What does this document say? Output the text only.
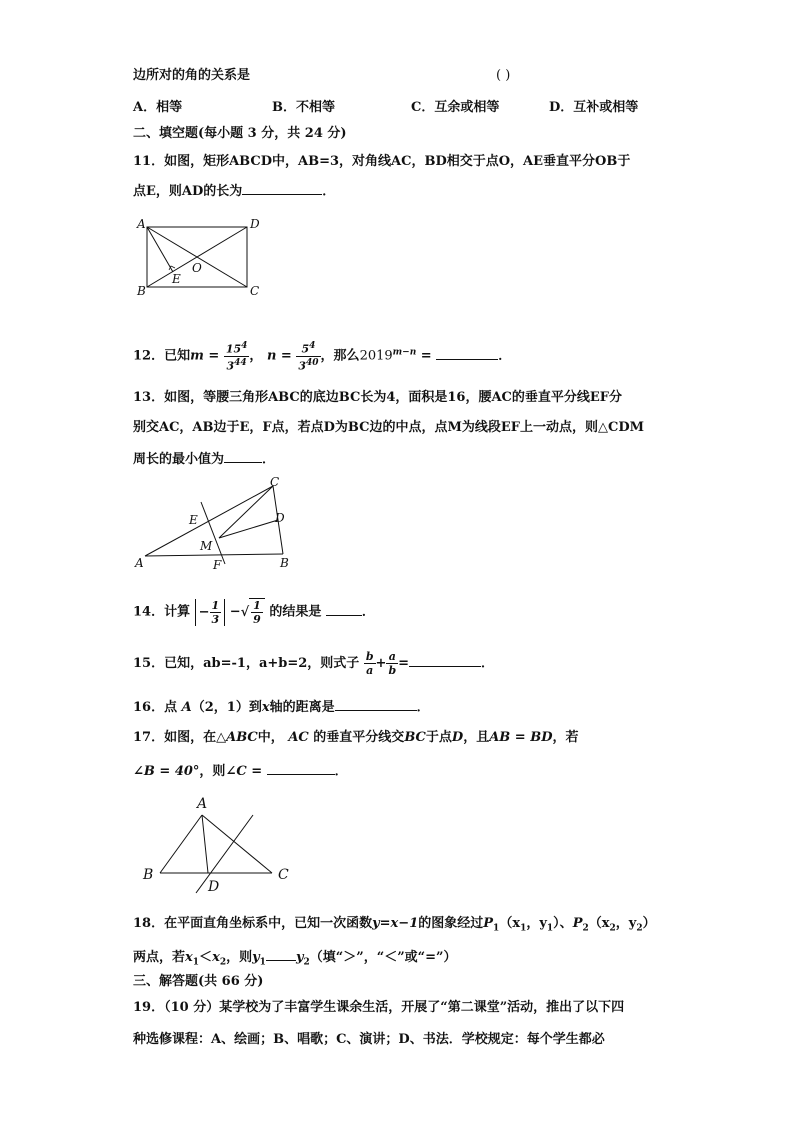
边所对的角的关系是	( )
A．相等	B．不相等	C．互余或相等	D．互补或相等
二、填空题(每小题 3 分，共 24 分)
11．如图，矩形ABCD中，AB=3，对角线AC，BD相交于点O，AE垂直平分OB于
点E，则AD的长为	．
A	D
B	C
O
E
12．已知$m = \frac{15^4}{3^{44}}$ ， $n = \frac{5^4}{3^{40}}$ ，那么$2019^{m-n}$ =	．
13．如图，等腰三角形ABC的底边BC长为4，面积是16，腰AC的垂直平分线EF分
别交AC，AB边于E，F点，若点D为BC边的中点，点M为线段EF上一动点，则△CDM
周长的最小值为	．
C
D
B
A
E
M
F
14．计算 − $\frac{1}{3}$ −√ $\frac{1}{9}$ 的结果是	．
15．已知，ab=-1，a+b=2，则式子 $\frac{b}{a} + \frac{a}{b}$ =	．
16．点 A（2，1）到x轴的距离是	．
17．如图，在△ABC中， AC 的垂直平分线交BC于点D，且AB = BD，若
∠B = 40°，则∠C =	．
A
B	C
D
18．在平面直角坐标系中，已知一次函数y=x−1的图象经过$P_1(x_1$，$y_1$）、$P_2(x_2$，$y_2$）
两点，若$x_1<x_2$，则$y_1$ $y_2$（填“＞”，“＜”或“=”）
三、解答题(共 66 分)
19．（10 分）某学校为了丰富学生课余生活，开展了“第二课堂”活动，推出了以下四
种选修课程：A、绘画；B、唱歌；C、演讲；D、书法．学校规定：每个学生都必
